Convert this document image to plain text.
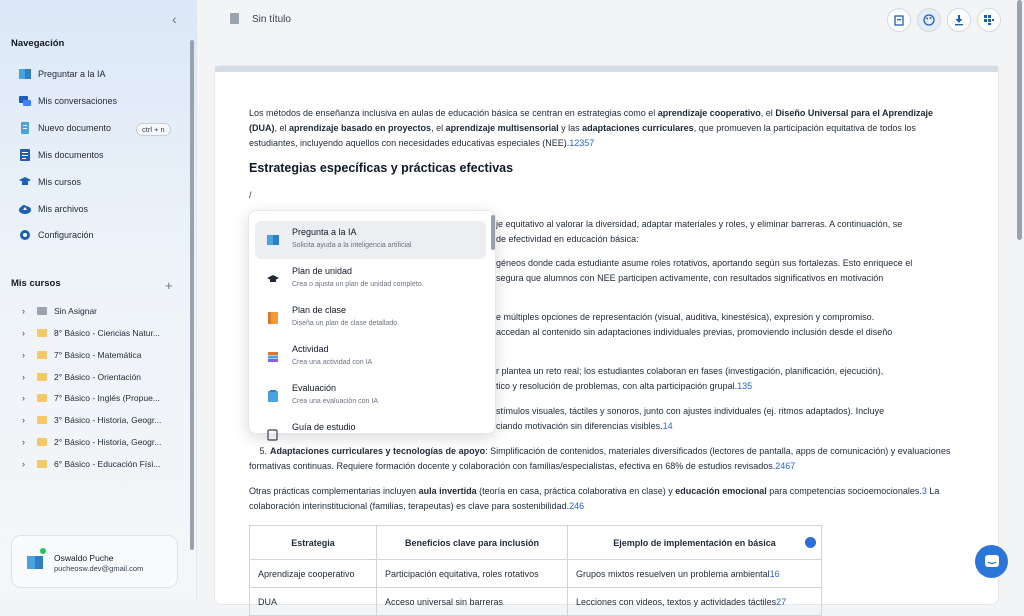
‹
Navegación
Preguntar a la IA
Mis conversaciones
Nuevo documento	ctrl + n
Mis documentos
Mis cursos
Mis archivos
Configuración
Mis cursos	+
›	Sin Asignar
›	8° Básico - Ciencias Natur...
›	7° Básico - Matemática
›	2° Básico - Orientación
›	7° Básico - Inglés (Propue...
›	3° Básico - Historia, Geogr...
›	2° Básico - Historia, Geogr...
›	6° Básico - Educación Físi...
Oswaldo Puche
pucheosw.dev@gmail.com
Sin título

Los métodos de enseñanza inclusiva en aulas de educación básica se centran en estrategias como el aprendizaje cooperativo, el Diseño Universal para el Aprendizaje (DUA), el aprendizaje basado en proyectos, el aprendizaje multisensorial y las adaptaciones curriculares, que promueven la participación equitativa de todos los estudiantes, incluyendo aquellos con necesidades educativas especiales (NEE).12357

Estrategias específicas y prácticas efectivas
/
je equitativo al valorar la diversidad, adaptar materiales y roles, y eliminar barreras. A continuación, se
de efectividad en educación básica:
géneos donde cada estudiante asume roles rotativos, aportando según sus fortalezas. Esto enriquece el
segura que alumnos con NEE participen activamente, con resultados significativos en motivación
e múltiples opciones de representación (visual, auditiva, kinestésica), expresión y compromiso.
accedan al contenido sin adaptaciones individuales previas, promoviendo inclusión desde el diseño
r plantea un reto real; los estudiantes colaboran en fases (investigación, planificación, ejecución),
tico y resolución de problemas, con alta participación grupal.135
stímulos visuales, táctiles y sonoros, junto con ajustes individuales (ej. ritmos adaptados). Incluye
ciando motivación sin diferencias visibles.14
5. Adaptaciones curriculares y tecnologías de apoyo: Simplificación de contenidos, materiales diversificados (lectores de pantalla, apps de comunicación) y evaluaciones formativas continuas. Requiere formación docente y colaboración con familias/especialistas, efectiva en 68% de estudios revisados.2467
Otras prácticas complementarias incluyen aula invertida (teoría en casa, práctica colaborativa en clase) y educación emocional para competencias socioemocionales.3 La colaboración interinstitucional (familias, terapeutas) es clave para sostenibilidad.246
Estrategia	Beneficios clave para inclusión	Ejemplo de implementación en básica

Aprendizaje cooperativo	Participación equitativa, roles rotativos	Grupos mixtos resuelven un problema ambiental16
DUA	Acceso universal sin barreras	Lecciones con videos, textos y actividades táctiles27
Pregunta a la IA
Solicita ayuda a la inteligencia artificial
Plan de unidad
Crea o ajusta un plan de unidad completo.
Plan de clase
Diseña un plan de clase detallado.
Actividad
Crea una actividad con IA
Evaluación
Crea una evaluación con IA
Guía de estudio
